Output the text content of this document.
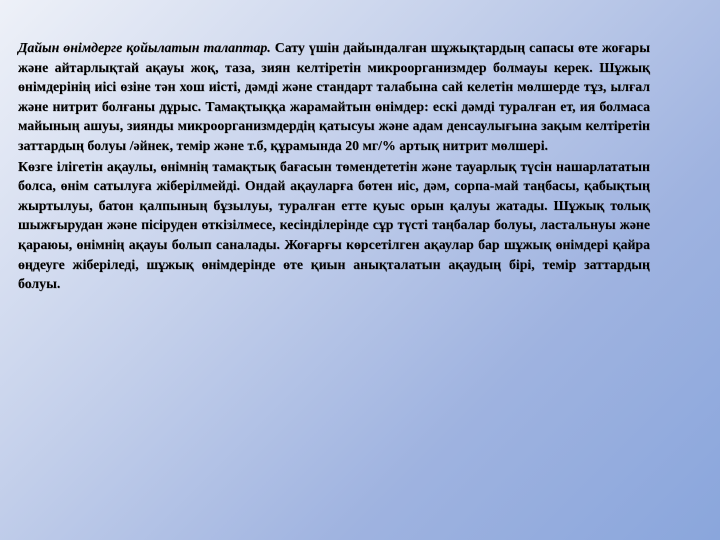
Дайын өнімдерге қойылатын талаптар. Сату үшін дайындалған шұжықтардың сапасы өте жоғары және айтарлықтай ақауы жоқ, таза, зиян келтіретін микроорганизмдер болмауы керек. Шұжық өнімдерінің иісі өзіне тән хош иісті, дәмді және стандарт талабына сай келетін мөлшерде тұз, ылғал және нитрит болғаны дұрыс. Тамақтыққа жарамайтын өнімдер: ескі дәмді туралған ет, ия болмаса майының ашуы, зиянды микроорганизмдердің қатысуы және адам денсаулығына зақым келтіретін заттардың болуы /әйнек, темір және т.б, құрамында 20 мг/% артық нитрит мөлшері.

Көзге ілігетін ақаулы, өнімнің тамақтық бағасын төмендететін және тауарлық түсін нашарлататын болса, өнім сатылуға жіберілмейді. Ондай ақауларға бөтен иіс, дәм, сорпа-май таңбасы, қабықтың жыртылуы, батон қалпының бұзылуы, туралған етте қуыс орын қалуы жатады. Шұжық толық шыжғырудан және пісіруден өткізілмесе, кесінділерінде сұр түсті таңбалар болуы, ластальнуы және қараюы, өнімнің ақауы болып саналады. Жоғарғы көрсетілген ақаулар бар шұжық өнімдері қайра өңдеуге жіберіледі, шұжық өнімдерінде өте қиын анықталатын ақаудың бірі, темір заттардың болуы.
